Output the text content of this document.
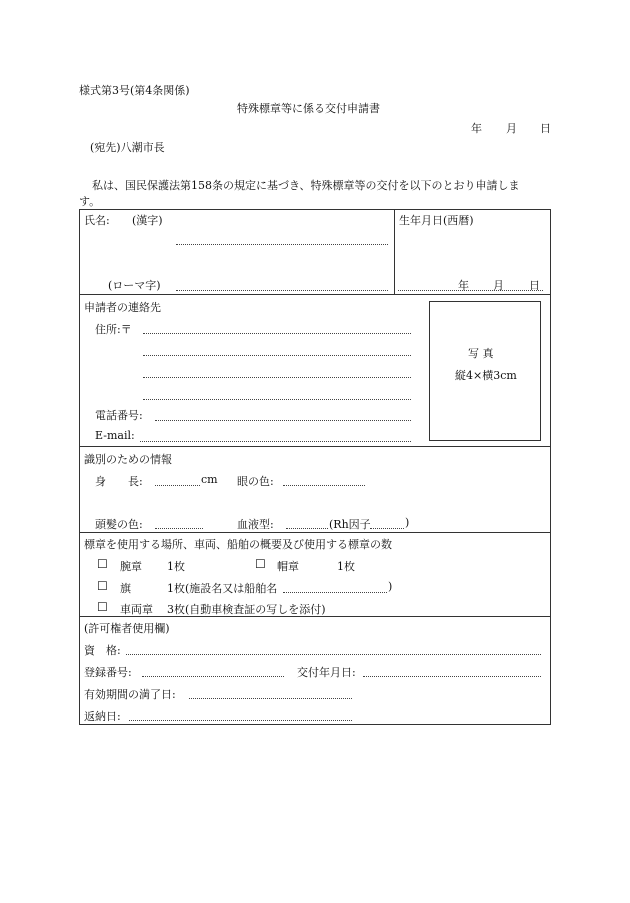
様式第3号(第4条関係)
特殊標章等に係る交付申請書
年 月 日
(宛先)八潮市長
私は、国民保護法第158条の規定に基づき、特殊標章等の交付を以下のとおり申請しま
す。
氏名: (漢字)
(ローマ字)
生年月日(西暦)
年 月 日
申請者の連絡先
住所:〒
電話番号:
E-mail:
写 真
縦4×横3cm
識別のための情報
身　　長:	cm 眼の色:
頭髪の色:	血液型:	(Rh因子	)
標章を使用する場所、車両、船舶の概要及び使用する標章の数
☐ 腕章 1枚	☐ 帽章	1枚
☐ 旗	1枚(施設名又は船舶名	)
☐ 車両章 3枚(自動車検査証の写しを添付)
(許可権者使用欄)
資　格:
登録番号:	交付年月日:
有効期間の満了日:
返納日:
